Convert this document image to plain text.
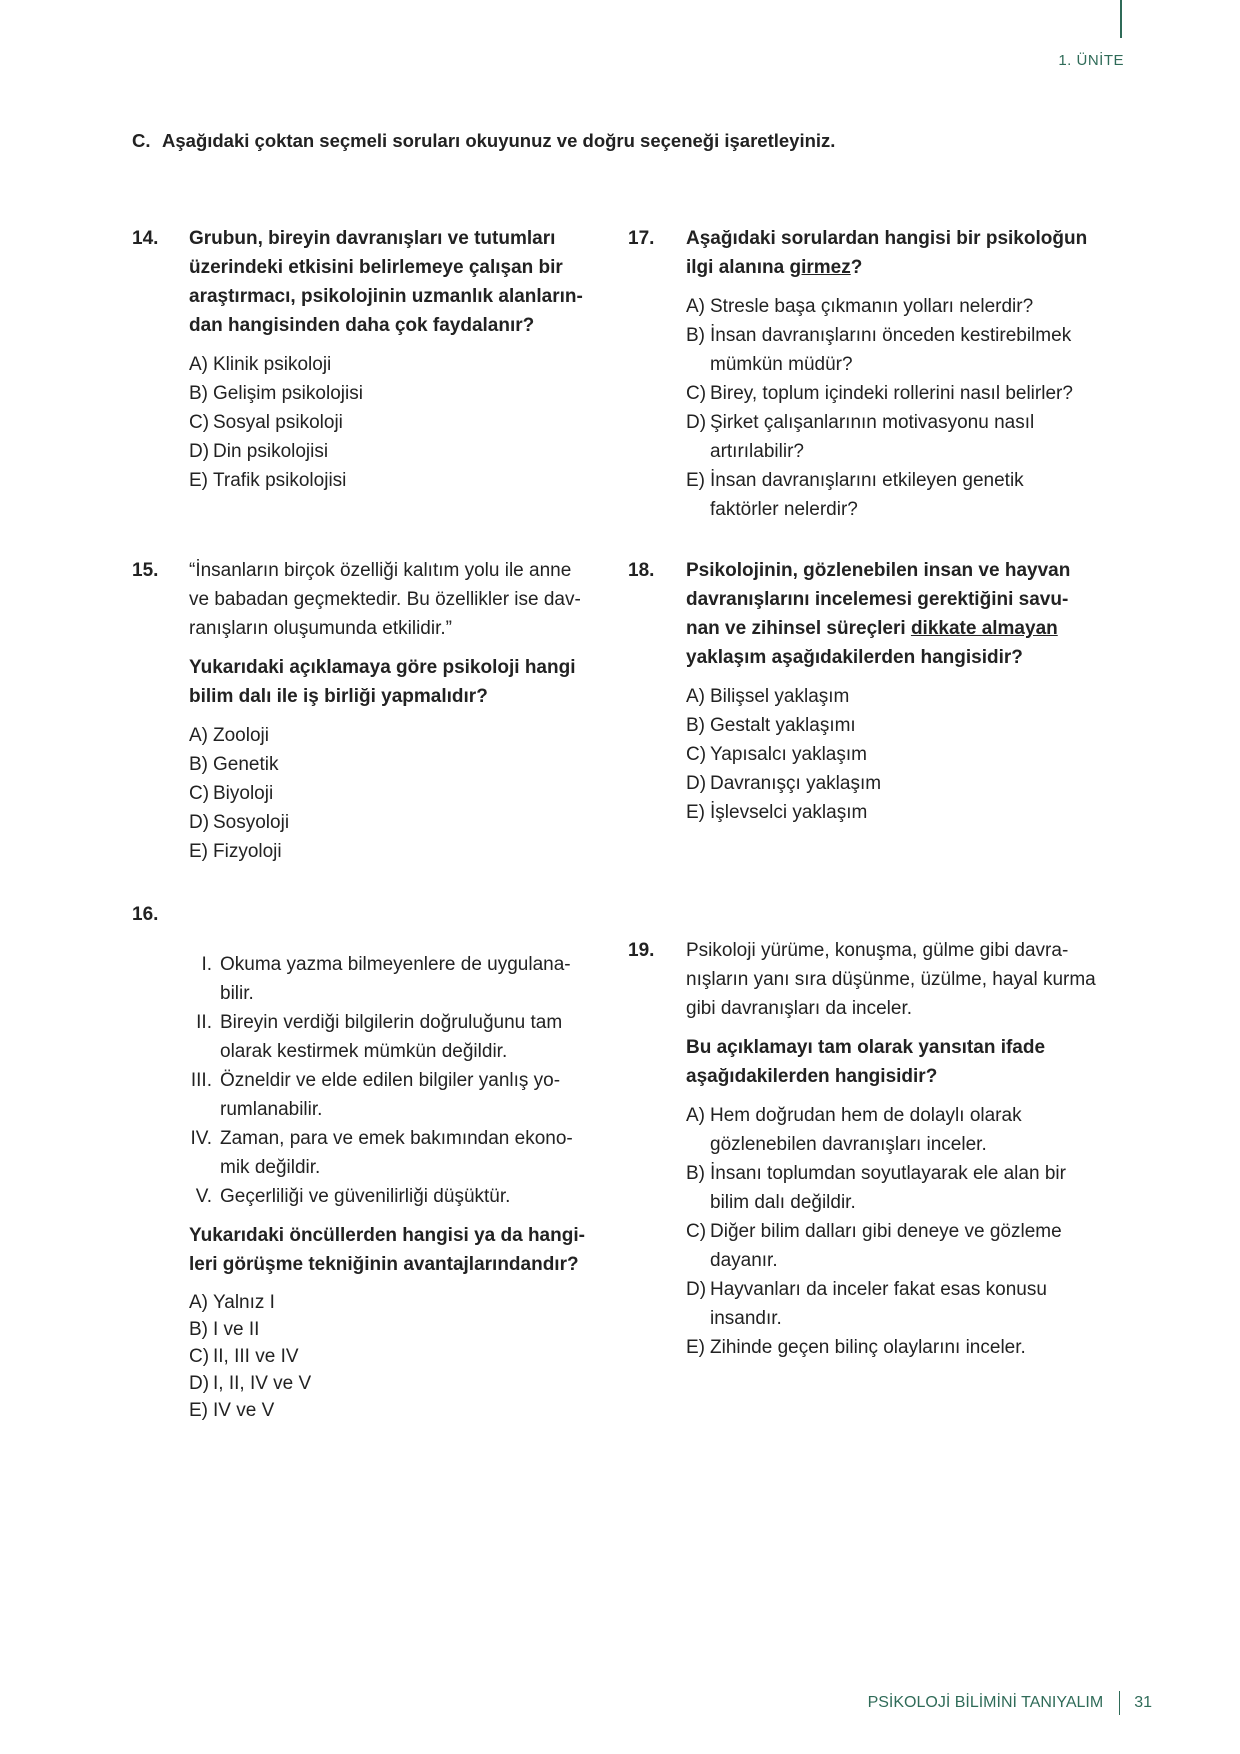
1. ÜNİTE
C. Aşağıdaki çoktan seçmeli soruları okuyunuz ve doğru seçeneği işaretleyiniz.
14. Grubun, bireyin davranışları ve tutumları
üzerindeki etkisini belirlemeye çalışan bir
araştırmacı, psikolojinin uzmanlık alanların-
dan hangisinden daha çok faydalanır?
A) Klinik psikoloji
B) Gelişim psikolojisi
C) Sosyal psikoloji
D) Din psikolojisi
E) Trafik psikolojisi
15. “İnsanların birçok özelliği kalıtım yolu ile anne
ve babadan geçmektedir. Bu özellikler ise dav-
ranışların oluşumunda etkilidir.”
Yukarıdaki açıklamaya göre psikoloji hangi
bilim dalı ile iş birliği yapmalıdır?
A) Zooloji
B) Genetik
C) Biyoloji
D) Sosyoloji
E) Fizyoloji
16.
I. Okuma yazma bilmeyenlere de uygulana-
bilir.
II. Bireyin verdiği bilgilerin doğruluğunu tam
olarak kestirmek mümkün değildir.
III. Özneldir ve elde edilen bilgiler yanlış yo-
rumlanabilir.
IV. Zaman, para ve emek bakımından ekono-
mik değildir.
V. Geçerliliği ve güvenilirliği düşüktür.
Yukarıdaki öncüllerden hangisi ya da hangi-
leri görüşme tekniğinin avantajlarındandır?
A) Yalnız I
B) I ve II
C) II, III ve IV
D) I, II, IV ve V
E) IV ve V
17. Aşağıdaki sorulardan hangisi bir psikoloğun
ilgi alanına girmez?
A) Stresle başa çıkmanın yolları nelerdir?
B) İnsan davranışlarını önceden kestirebilmek
mümkün müdür?
C) Birey, toplum içindeki rollerini nasıl belirler?
D) Şirket çalışanlarının motivasyonu nasıl
artırılabilir?
E) İnsan davranışlarını etkileyen genetik
faktörler nelerdir?
18. Psikolojinin, gözlenebilen insan ve hayvan
davranışlarını incelemesi gerektiğini savu-
nan ve zihinsel süreçleri dikkate almayan
yaklaşım aşağıdakilerden hangisidir?
A) Bilişsel yaklaşım
B) Gestalt yaklaşımı
C) Yapısalcı yaklaşım
D) Davranışçı yaklaşım
E) İşlevselci yaklaşım
19. Psikoloji yürüme, konuşma, gülme gibi davra-
nışların yanı sıra düşünme, üzülme, hayal kurma
gibi davranışları da inceler.
Bu açıklamayı tam olarak yansıtan ifade
aşağıdakilerden hangisidir?
A) Hem doğrudan hem de dolaylı olarak
gözlenebilen davranışları inceler.
B) İnsanı toplumdan soyutlayarak ele alan bir
bilim dalı değildir.
C) Diğer bilim dalları gibi deneye ve gözleme
dayanır.
D) Hayvanları da inceler fakat esas konusu
insandır.
E) Zihinde geçen bilinç olaylarını inceler.
PSİKOLOJİ BİLİMİNİ TANIYALIM 31
